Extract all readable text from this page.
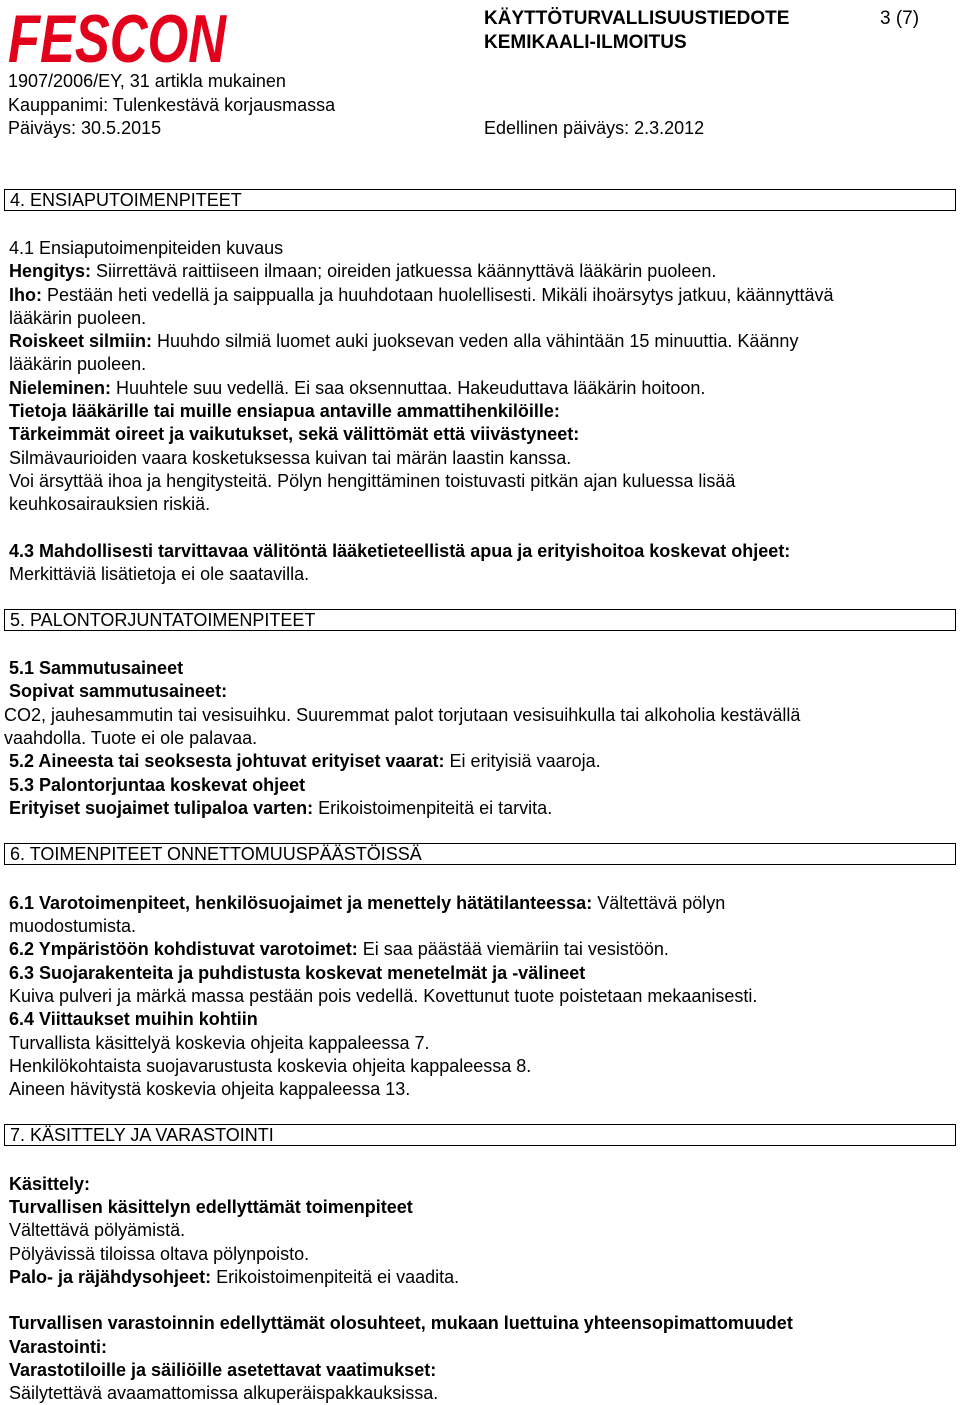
FESCON	KÄYTTÖTURVALLISUUSTIEDOTE
KEMIKAALI-ILMOITUS
3 (7)
1907/2006/EY, 31 artikla mukainen
Kauppanimi: Tulenkestävä korjausmassa
Päiväys: 30.5.2015	Edellinen päiväys: 2.3.2012
4. ENSIAPUTOIMENPITEET
4.1 Ensiaputoimenpiteiden kuvaus
Hengitys: Siirrettävä raittiiseen ilmaan; oireiden jatkuessa käännyttävä lääkärin puoleen.
Iho: Pestään heti vedellä ja saippualla ja huuhdotaan huolellisesti. Mikäli ihoärsytys jatkuu, käännyttävä
lääkärin puoleen.
Roiskeet silmiin: Huuhdo silmiä luomet auki juoksevan veden alla vähintään 15 minuuttia. Käänny
lääkärin puoleen.
Nieleminen: Huuhtele suu vedellä. Ei saa oksennuttaa. Hakeuduttava lääkärin hoitoon.
Tietoja lääkärille tai muille ensiapua antaville ammattihenkilöille:
Tärkeimmät oireet ja vaikutukset, sekä välittömät että viivästyneet:
Silmävaurioiden vaara kosketuksessa kuivan tai märän laastin kanssa.
Voi ärsyttää ihoa ja hengitysteitä. Pölyn hengittäminen toistuvasti pitkän ajan kuluessa lisää
keuhkosairauksien riskiä.
4.3 Mahdollisesti tarvittavaa välitöntä lääketieteellistä apua ja erityishoitoa koskevat ohjeet:
Merkittäviä lisätietoja ei ole saatavilla.
5. PALONTORJUNTATOIMENPITEET
5.1 Sammutusaineet
Sopivat sammutusaineet:
CO2, jauhesammutin tai vesisuihku. Suuremmat palot torjutaan vesisuihkulla tai alkoholia kestävällä
vaahdolla. Tuote ei ole palavaa.
5.2 Aineesta tai seoksesta johtuvat erityiset vaarat: Ei erityisiä vaaroja.
5.3 Palontorjuntaa koskevat ohjeet
Erityiset suojaimet tulipaloa varten: Erikoistoimenpiteitä ei tarvita.
6. TOIMENPITEET ONNETTOMUUSPÄÄSTÖISSÄ
6.1 Varotoimenpiteet, henkilösuojaimet ja menettely hätätilanteessa: Vältettävä pölyn
muodostumista.
6.2 Ympäristöön kohdistuvat varotoimet: Ei saa päästää viemäriin tai vesistöön.
6.3 Suojarakenteita ja puhdistusta koskevat menetelmät ja -välineet
Kuiva pulveri ja märkä massa pestään pois vedellä. Kovettunut tuote poistetaan mekaanisesti.
6.4 Viittaukset muihin kohtiin
Turvallista käsittelyä koskevia ohjeita kappaleessa 7.
Henkilökohtaista suojavarustusta koskevia ohjeita kappaleessa 8.
Aineen hävitystä koskevia ohjeita kappaleessa 13.
7. KÄSITTELY JA VARASTOINTI
Käsittely:
Turvallisen käsittelyn edellyttämät toimenpiteet
Vältettävä pölyämistä.
Pölyävissä tiloissa oltava pölynpoisto.
Palo- ja räjähdysohjeet: Erikoistoimenpiteitä ei vaadita.
Turvallisen varastoinnin edellyttämät olosuhteet, mukaan luettuina yhteensopimattomuudet
Varastointi:
Varastotiloille ja säiliöille asetettavat vaatimukset:
Säilytettävä avaamattomissa alkuperäispakkauksissa.
